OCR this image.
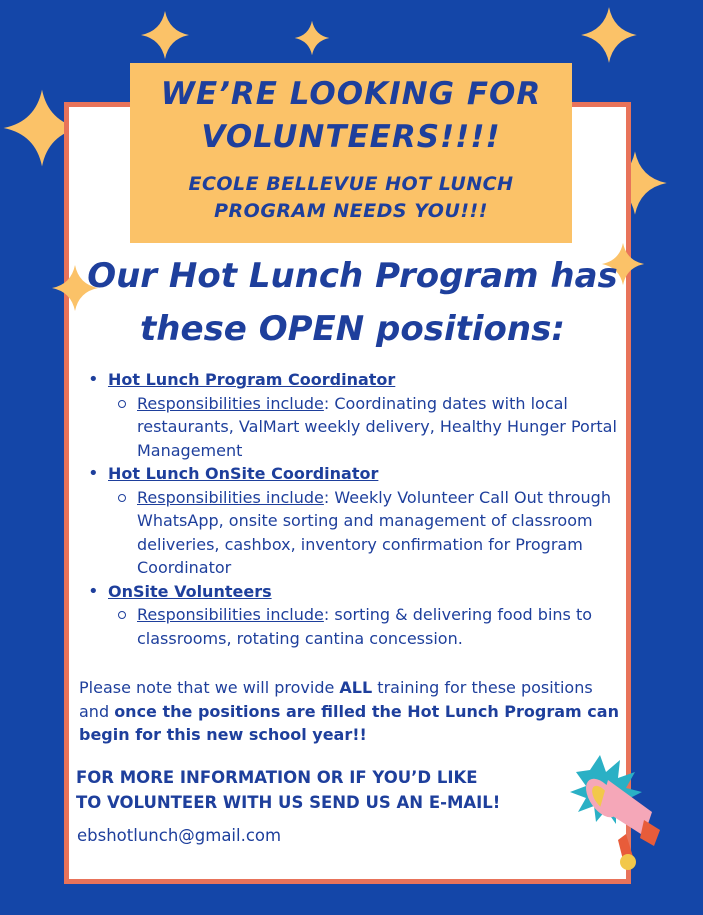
WE’RE LOOKING FOR
VOLUNTEERS!!!!
ECOLE BELLEVUE HOT LUNCH
PROGRAM NEEDS YOU!!!
Our Hot Lunch Program has
these OPEN positions:
• Hot Lunch Program Coordinator
Responsibilities include: Coordinating dates with local restaurants, ValMart weekly delivery, Healthy Hunger Portal Management
• Hot Lunch OnSite Coordinator
Responsibilities include: Weekly Volunteer Call Out through WhatsApp, onsite sorting and management of classroom deliveries, cashbox, inventory confirmation for Program Coordinator
• OnSite Volunteers
Responsibilities include: sorting & delivering food bins to classrooms, rotating cantina concession.
Please note that we will provide ALL training for these positions and once the positions are filled the Hot Lunch Program can begin for this new school year!!
FOR MORE INFORMATION OR IF YOU’D LIKE
TO VOLUNTEER WITH US SEND US AN E-MAIL!
ebshotlunch@gmail.com
